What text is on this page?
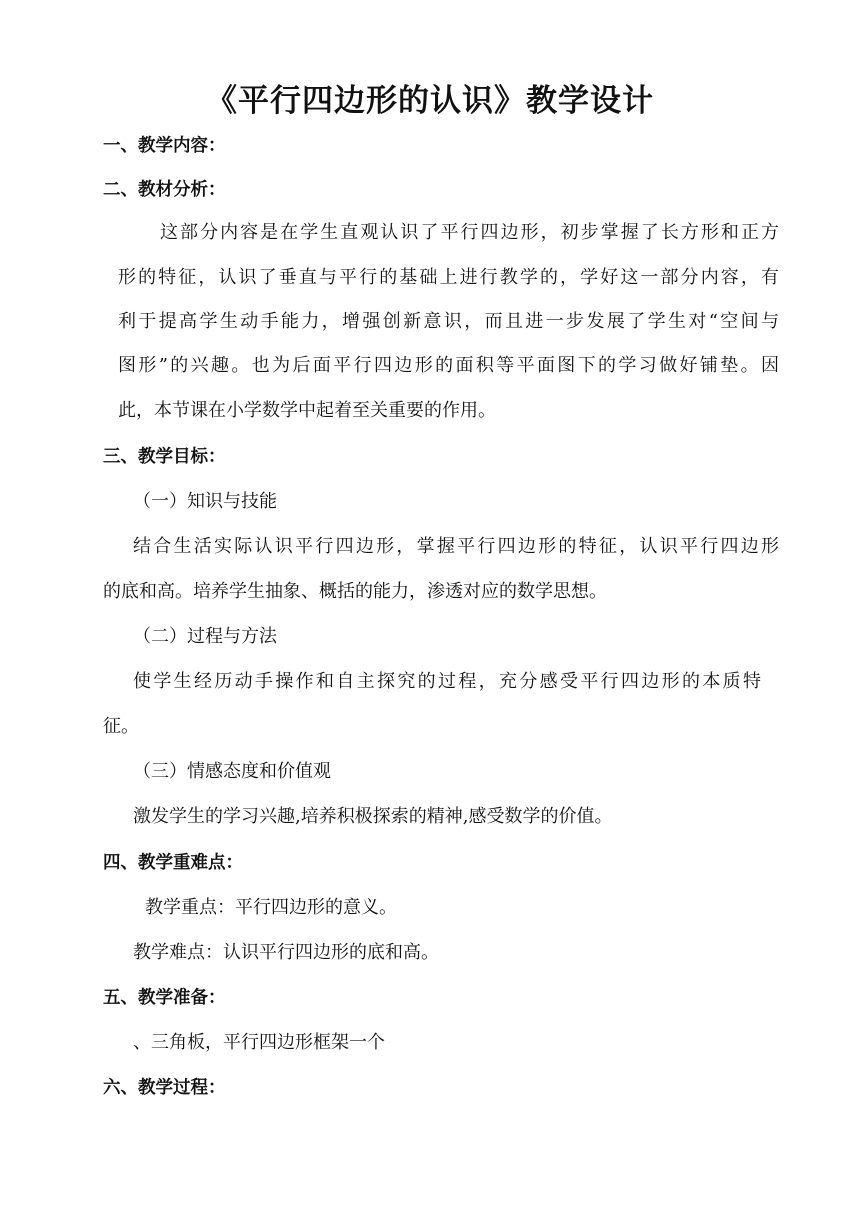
《平行四边形的认识》教学设计
一、教学内容：
二、教材分析：
这部分内容是在学生直观认识了平行四边形，初步掌握了长方形和正方
形的特征，认识了垂直与平行的基础上进行教学的，学好这一部分内容，有
利于提高学生动手能力，增强创新意识，而且进一步发展了学生对“空间与
图形”的兴趣。也为后面平行四边形的面积等平面图下的学习做好铺垫。因
此，本节课在小学数学中起着至关重要的作用。
三、教学目标：
（一）知识与技能
结合生活实际认识平行四边形，掌握平行四边形的特征，认识平行四边形
的底和高。培养学生抽象、概括的能力，渗透对应的数学思想。
（二）过程与方法
使学生经历动手操作和自主探究的过程，充分感受平行四边形的本质特
征。
（三）情感态度和价值观
激发学生的学习兴趣,培养积极探索的精神,感受数学的价值。
四、教学重难点：
教学重点：平行四边形的意义。
教学难点：认识平行四边形的底和高。
五、教学准备：
、三角板，平行四边形框架一个
六、教学过程：
